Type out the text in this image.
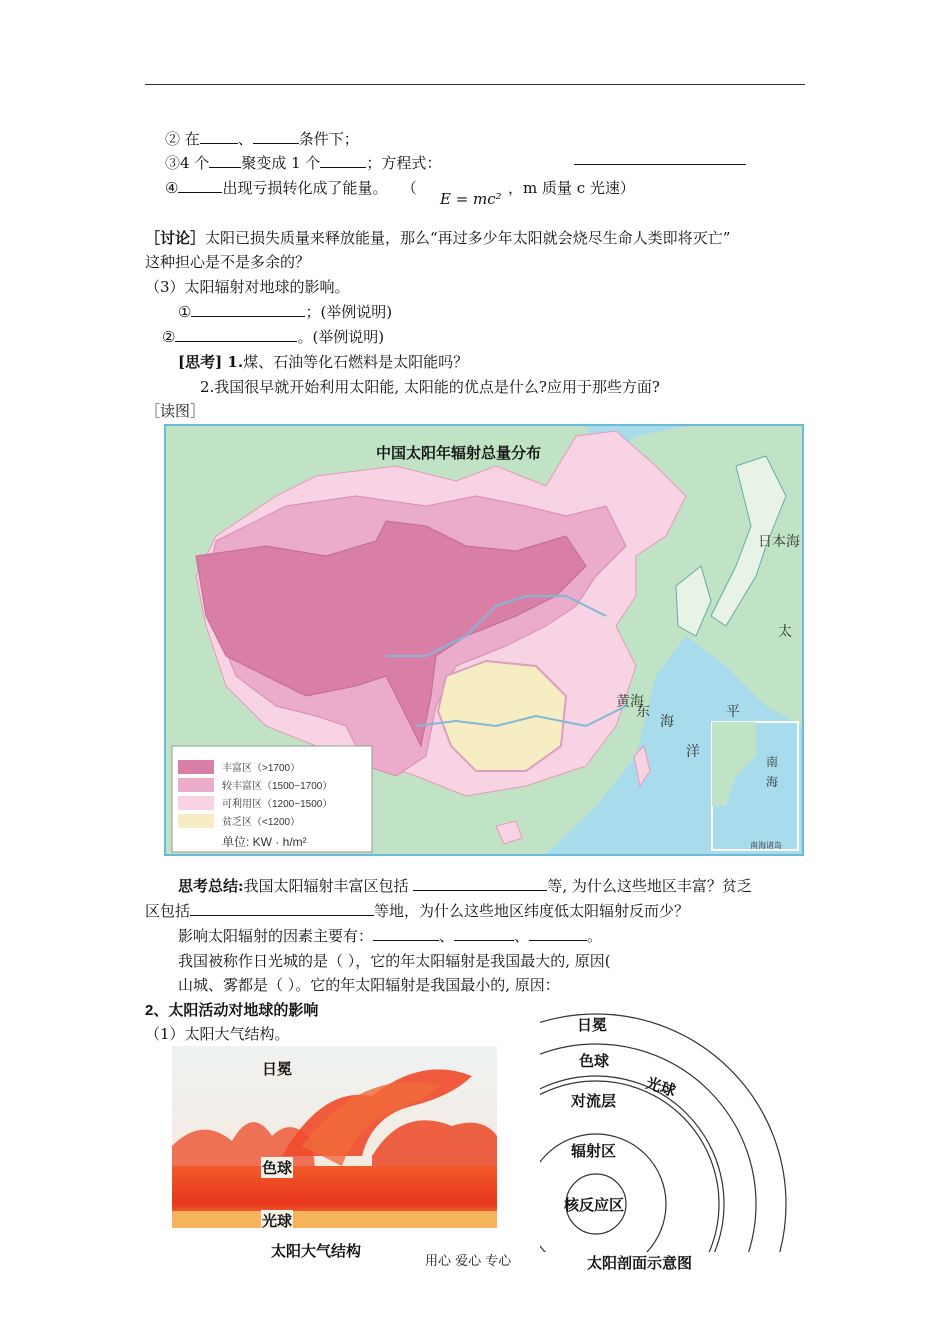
② 在	、	条件下；
③4 个 聚变成 1 个	；方程式：
④	出现亏损转化成了能量。 （
E = mc²
，m 质量 c 光速）
［讨论］太阳已损失质量来释放能量，那么“再过多少年太阳就会烧尽生命人类即将灭亡”
这种担心是不是多余的？
（3）太阳辐射对地球的影响。
①	；(举例说明)
②	。(举例说明)
[思考] 1.煤、石油等化石燃料是太阳能吗？
2.我国很早就开始利用太阳能, 太阳能的优点是什么?应用于那些方面?
［读图］
丰富区（>1700）
较丰富区（1500~1700）
可利用区（1200~1500）
贫乏区（<1200）
单位: KW · h/m²
日本海
太
黄海
东
海
平
洋
南
海
南海诸岛
中国太阳年辐射总量分布
思考总结:我国太阳辐射丰富区包括	等, 为什么这些地区丰富？贫乏
区包括	等地，为什么这些地区纬度低太阳辐射反而少？
影响太阳辐射的因素主要有：	、	、	。
我国被称作日光城的是（ ），它的年太阳辐射是我国最大的, 原因(
山城、雾都是（ ）。它的年太阳辐射是我国最小的, 原因：
2、太阳活动对地球的影响
（1）太阳大气结构。
日冕
色球
光球
太阳大气结构
用心 爱心 专心
日冕
色球
光球
对流层
辐射区
核反应区
太阳剖面示意图
